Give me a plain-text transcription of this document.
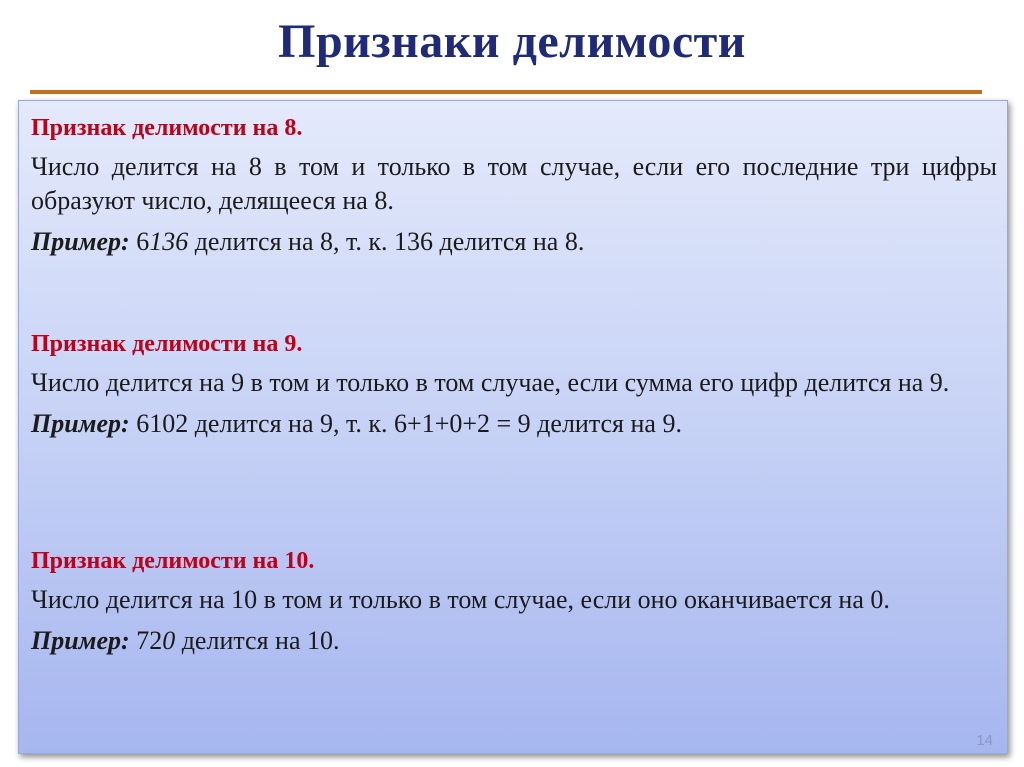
Признаки делимости
Признак делимости на 8.
Число делится на 8 в том и только в том случае, если его последние три цифры образуют число, делящееся на 8.
Пример: 6136 делится на 8, т. к. 136 делится на 8.
Признак делимости на 9.
Число делится на 9 в том и только в том случае, если сумма его цифр делится на 9.
Пример: 6102 делится на 9, т. к. 6+1+0+2 = 9 делится на 9.
Признак делимости на 10.
Число делится на 10 в том и только в том случае, если оно оканчивается на 0.
Пример: 720 делится на 10.
14
